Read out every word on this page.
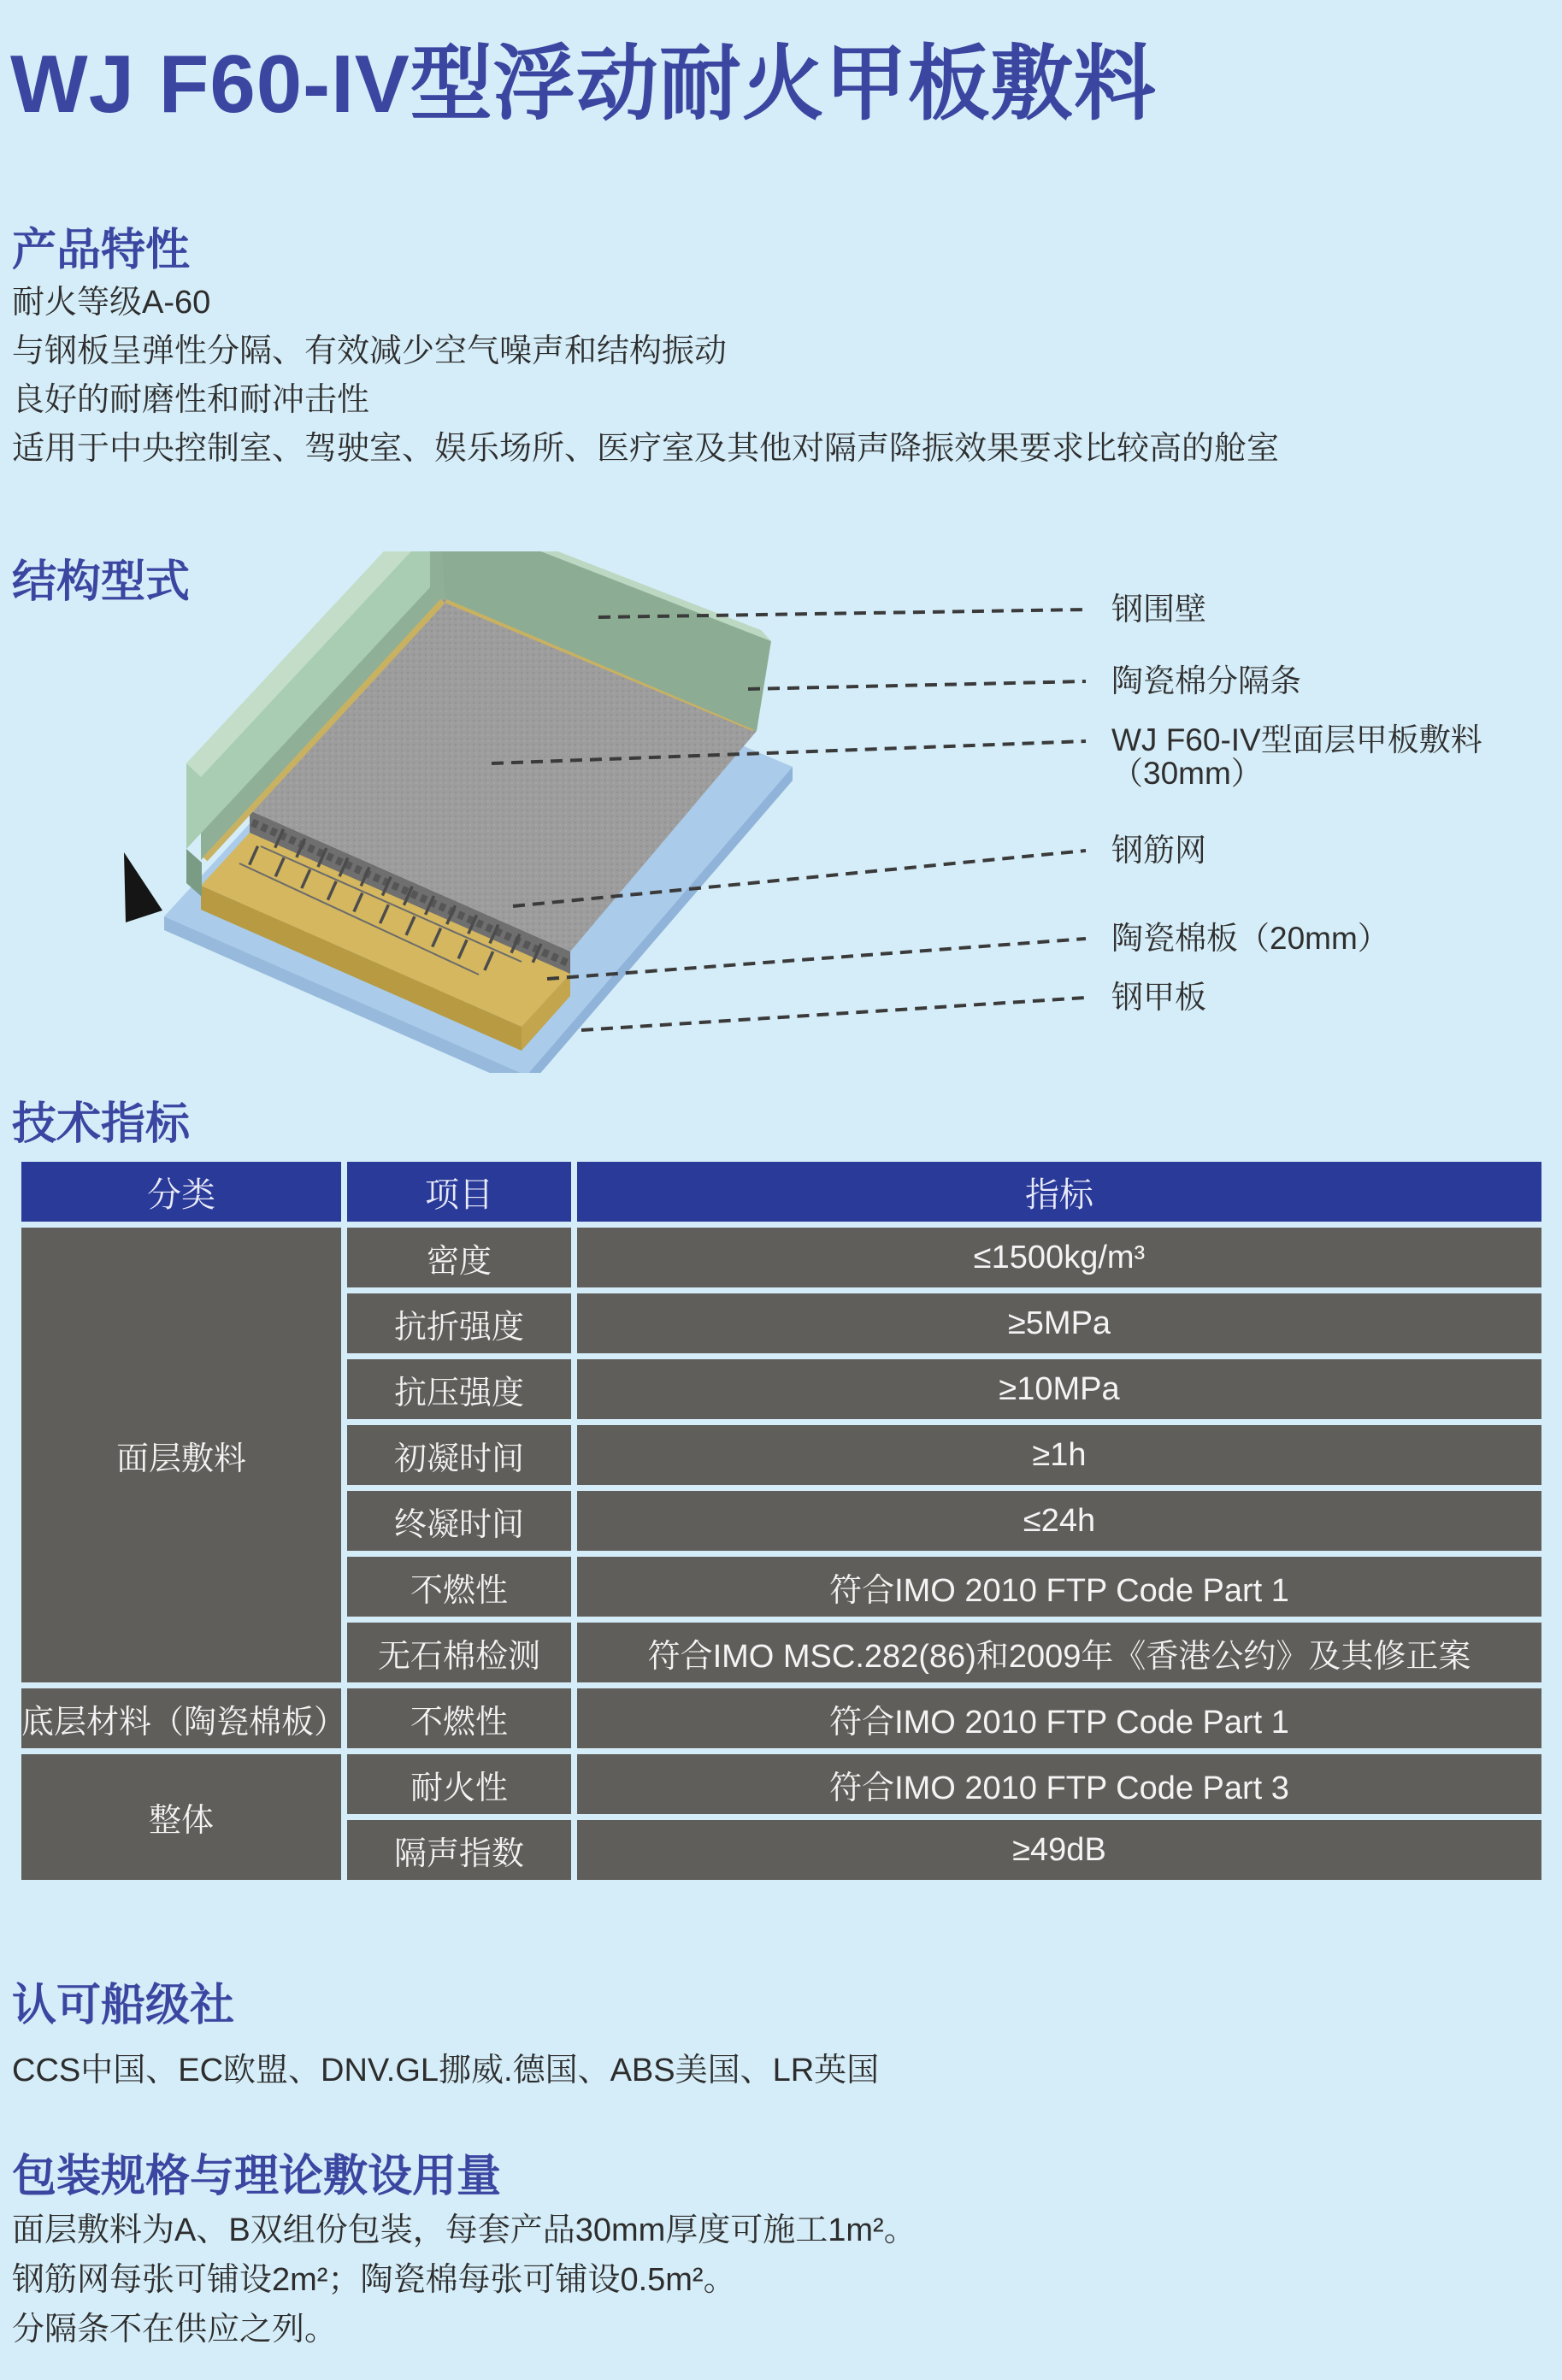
WJ F60-IV型浮动耐火甲板敷料
产品特性
耐火等级A-60
与钢板呈弹性分隔、有效减少空气噪声和结构振动
良好的耐磨性和耐冲击性
适用于中央控制室、驾驶室、娱乐场所、医疗室及其他对隔声降振效果要求比较高的舱室
结构型式
钢围壁
陶瓷棉分隔条
WJ F60-IV型面层甲板敷料
（30mm）
钢筋网
陶瓷棉板（20mm）
钢甲板
技术指标
分类	项目	指标
面层敷料	密度	≤1500kg/m³
	抗折强度	≥5MPa
	抗压强度	≥10MPa
	初凝时间	≥1h
	终凝时间	≤24h
	不燃性	符合IMO 2010 FTP Code Part 1
	无石棉检测	符合IMO MSC.282(86)和2009年《香港公约》及其修正案
底层材料（陶瓷棉板）	不燃性	符合IMO 2010 FTP Code Part 1
整体	耐火性	符合IMO 2010 FTP Code Part 3
	隔声指数	≥49dB
认可船级社
CCS中国、EC欧盟、DNV.GL挪威.德国、ABS美国、LR英国
包装规格与理论敷设用量
面层敷料为A、B双组份包装，每套产品30mm厚度可施工1m²。
钢筋网每张可铺设2m²；陶瓷棉每张可铺设0.5m²。
分隔条不在供应之列。
